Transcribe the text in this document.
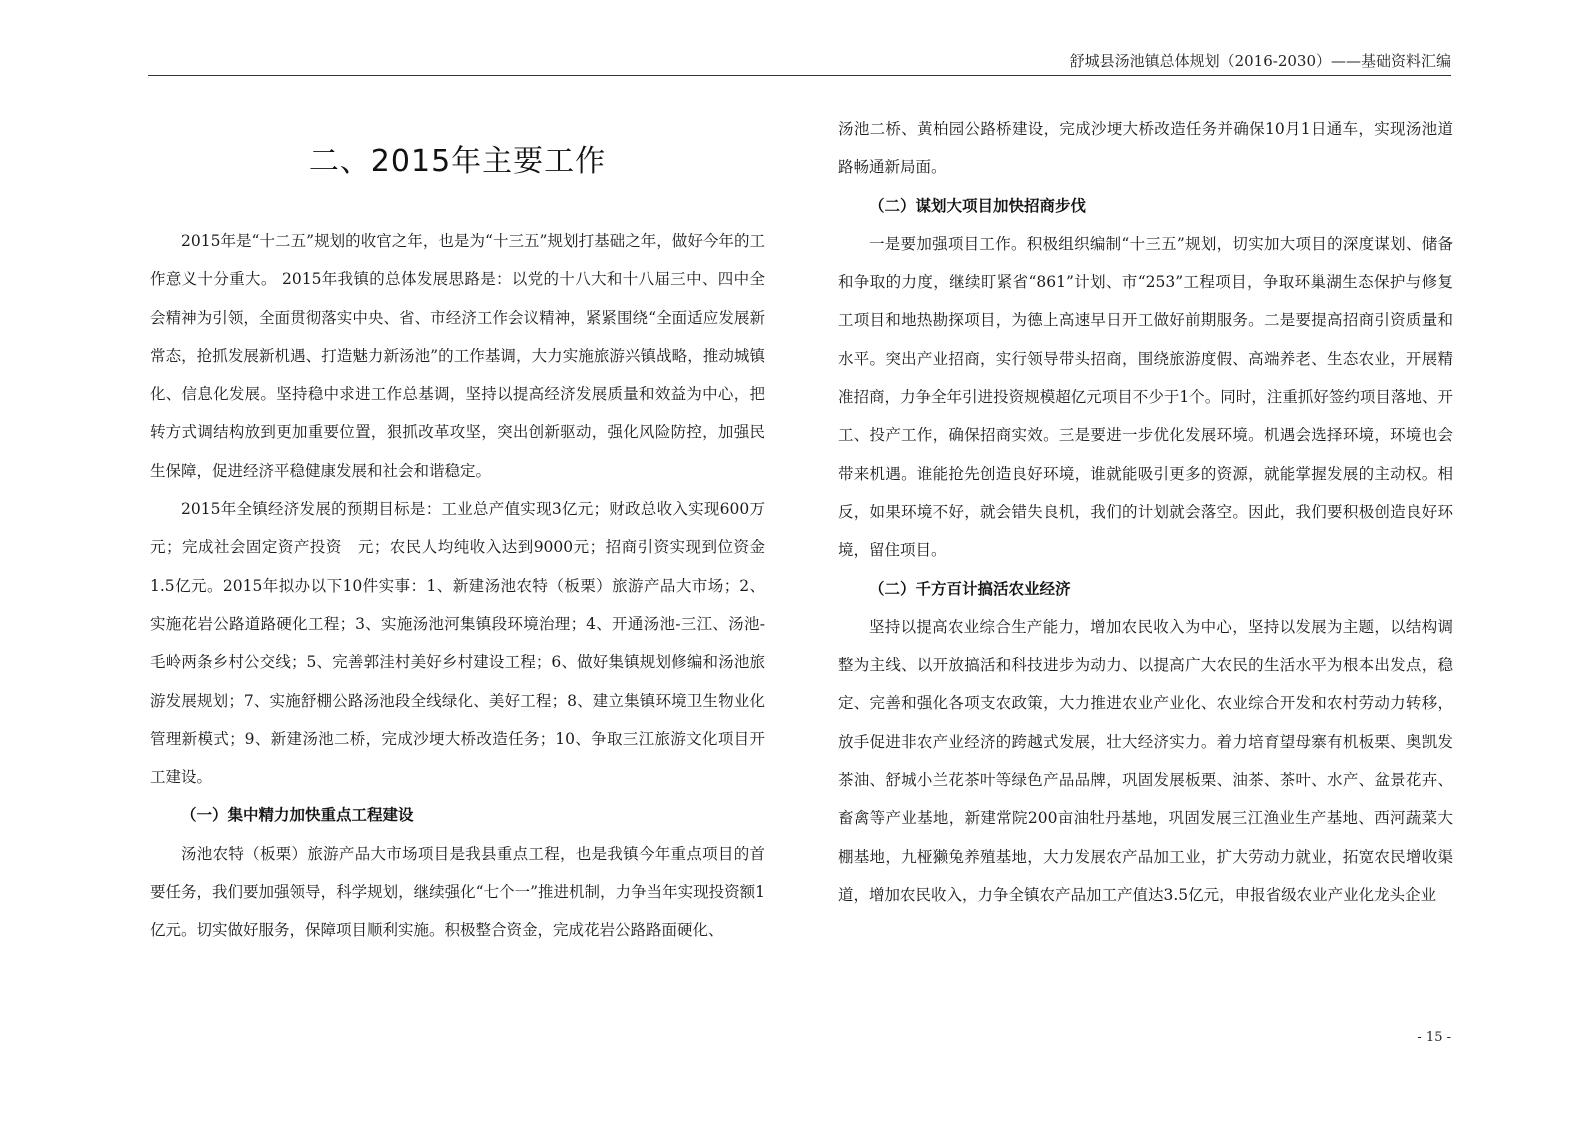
舒城县汤池镇总体规划（2016-2030）——基础资料汇编
二、2015年主要工作

2015年是“十二五”规划的收官之年，也是为“十三五”规划打基础之年，做好今年的工作意义十分重大。 2015年我镇的总体发展思路是：以党的十八大和十八届三中、四中全会精神为引领，全面贯彻落实中央、省、市经济工作会议精神，紧紧围绕“全面适应发展新常态，抢抓发展新机遇、打造魅力新汤池”的工作基调，大力实施旅游兴镇战略，推动城镇化、信息化发展。坚持稳中求进工作总基调，坚持以提高经济发展质量和效益为中心，把转方式调结构放到更加重要位置，狠抓改革攻坚，突出创新驱动，强化风险防控，加强民生保障，促进经济平稳健康发展和社会和谐稳定。

2015年全镇经济发展的预期目标是：工业总产值实现3亿元；财政总收入实现600万元；完成社会固定资产投资　元；农民人均纯收入达到9000元；招商引资实现到位资金1.5亿元。2015年拟办以下10件实事：1、新建汤池农特（板栗）旅游产品大市场；2、实施花岩公路道路硬化工程；3、实施汤池河集镇段环境治理；4、开通汤池-三江、汤池-毛岭两条乡村公交线；5、完善郭洼村美好乡村建设工程；6、做好集镇规划修编和汤池旅游发展规划；7、实施舒棚公路汤池段全线绿化、美好工程；8、建立集镇环境卫生物业化管理新模式；9、新建汤池二桥，完成沙埂大桥改造任务；10、争取三江旅游文化项目开工建设。

（一）集中精力加快重点工程建设

汤池农特（板栗）旅游产品大市场项目是我县重点工程，也是我镇今年重点项目的首要任务，我们要加强领导，科学规划，继续强化“七个一”推进机制，力争当年实现投资额1亿元。切实做好服务，保障项目顺利实施。积极整合资金，完成花岩公路路面硬化、

汤池二桥、黄柏园公路桥建设，完成沙埂大桥改造任务并确保10月1日通车，实现汤池道路畅通新局面。

（二）谋划大项目加快招商步伐

一是要加强项目工作。积极组织编制“十三五”规划，切实加大项目的深度谋划、储备和争取的力度，继续盯紧省“861”计划、市“253”工程项目，争取环巢湖生态保护与修复工项目和地热勘探项目，为德上高速早日开工做好前期服务。二是要提高招商引资质量和水平。突出产业招商，实行领导带头招商，围绕旅游度假、高端养老、生态农业，开展精准招商，力争全年引进投资规模超亿元项目不少于1个。同时，注重抓好签约项目落地、开工、投产工作，确保招商实效。三是要进一步优化发展环境。机遇会选择环境，环境也会带来机遇。谁能抢先创造良好环境，谁就能吸引更多的资源，就能掌握发展的主动权。相反，如果环境不好，就会错失良机，我们的计划就会落空。因此，我们要积极创造良好环境，留住项目。

（二）千方百计搞活农业经济

坚持以提高农业综合生产能力，增加农民收入为中心，坚持以发展为主题，以结构调整为主线、以开放搞活和科技进步为动力、以提高广大农民的生活水平为根本出发点，稳定、完善和强化各项支农政策，大力推进农业产业化、农业综合开发和农村劳动力转移，放手促进非农产业经济的跨越式发展，壮大经济实力。着力培育望母寨有机板栗、奥凯发茶油、舒城小兰花茶叶等绿色产品品牌，巩固发展板栗、油茶、茶叶、水产、盆景花卉、畜禽等产业基地，新建常院200亩油牡丹基地，巩固发展三江渔业生产基地、西河蔬菜大棚基地，九桠獭兔养殖基地，大力发展农产品加工业，扩大劳动力就业，拓宽农民增收渠道，增加农民收入，力争全镇农产品加工产值达3.5亿元，申报省级农业产业化龙头企业

- 15 -
